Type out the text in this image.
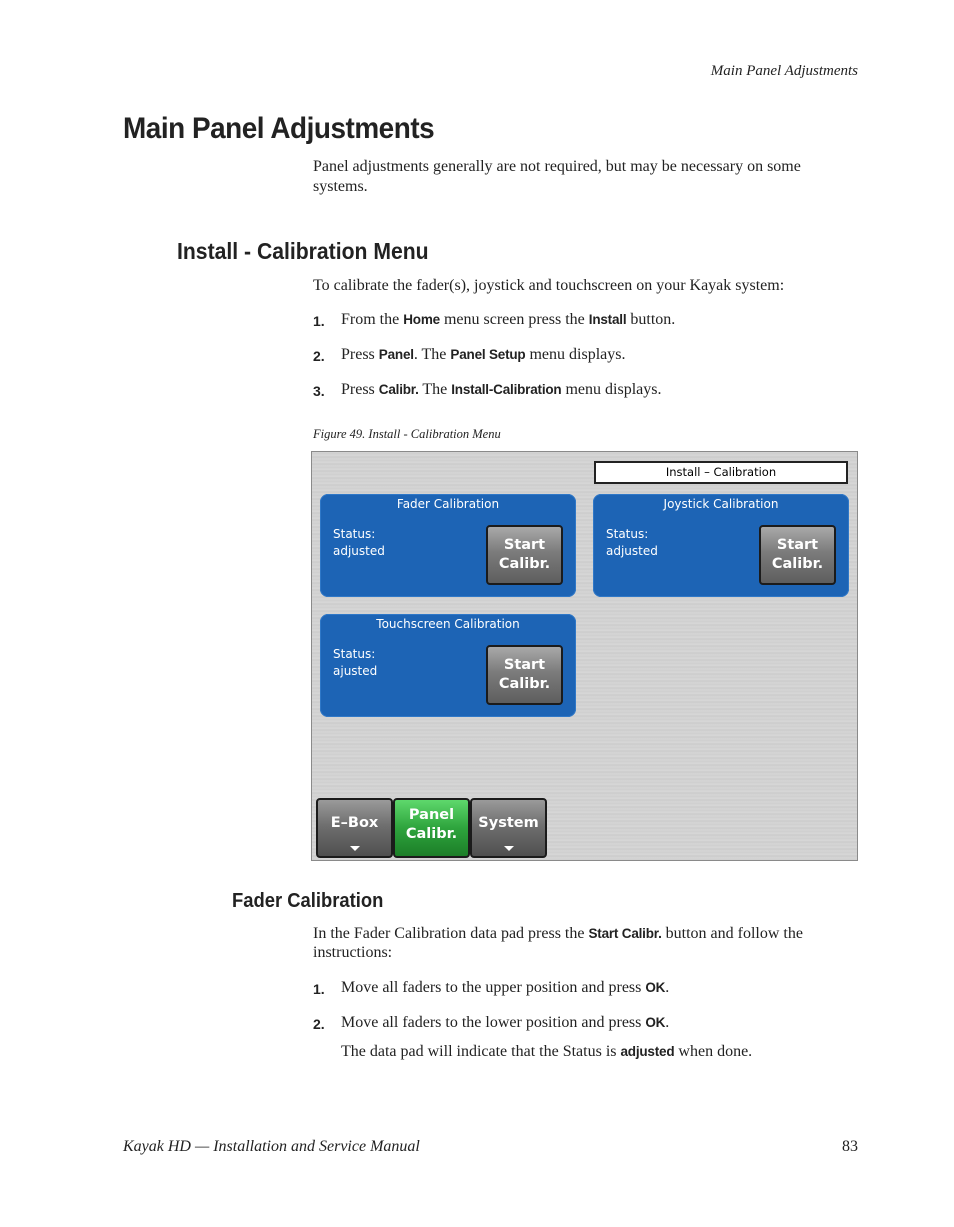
Main Panel Adjustments
Main Panel Adjustments
Panel adjustments generally are not required, but may be necessary on some systems.
Install - Calibration Menu
To calibrate the fader(s), joystick and touchscreen on your Kayak system:
1. From the Home menu screen press the Install button.
2. Press Panel. The Panel Setup menu displays.
3. Press Calibr. The Install-Calibration menu displays.
Figure 49. Install - Calibration Menu
Install – Calibration
Fader Calibration
Status:
adjusted	Start
Calibr.
Joystick Calibration
Status:
adjusted	Start
Calibr.
Touchscreen Calibration
Status:
ajusted	Start
Calibr.
E–Box Panel
Calibr.
System
Fader Calibration
In the Fader Calibration data pad press the Start Calibr. button and follow the instructions:
1. Move all faders to the upper position and press OK.
2. Move all faders to the lower position and press OK.
The data pad will indicate that the Status is adjusted when done.
Kayak HD — Installation and Service Manual	83
